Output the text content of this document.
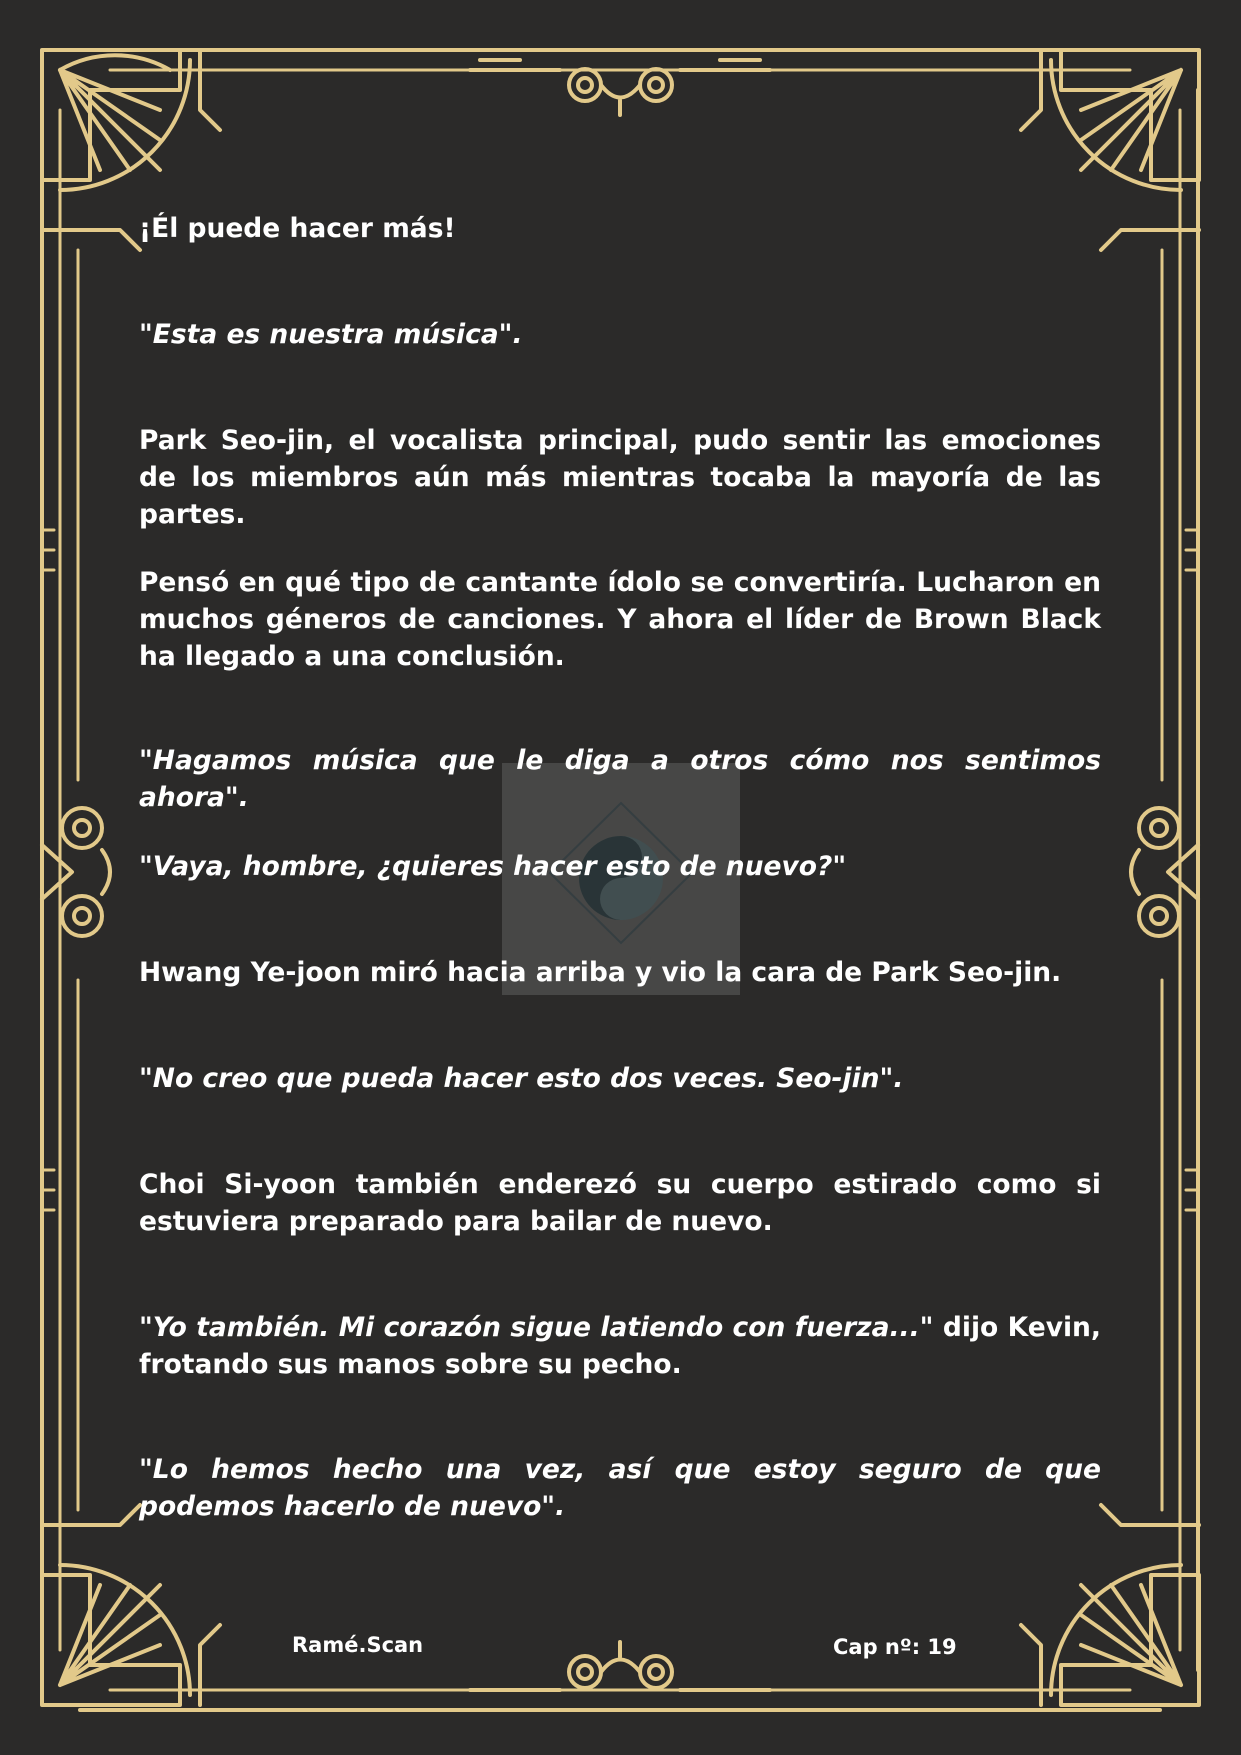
¡Él puede hacer más!

"Esta es nuestra música".

Park Seo-jin, el vocalista principal, pudo sentir las emociones de los miembros aún más mientras tocaba la mayoría de las partes.

Pensó en qué tipo de cantante ídolo se convertiría. Lucharon en muchos géneros de canciones. Y ahora el líder de Brown Black ha llegado a una conclusión.

"Hagamos música que le diga a otros cómo nos sentimos ahora".

"Vaya, hombre, ¿quieres hacer esto de nuevo?"

Hwang Ye-joon miró hacia arriba y vio la cara de Park Seo-jin.

"No creo que pueda hacer esto dos veces. Seo-jin".

Choi Si-yoon también enderezó su cuerpo estirado como si estuviera preparado para bailar de nuevo.

"Yo también. Mi corazón sigue latiendo con fuerza..." dijo Kevin, frotando sus manos sobre su pecho.

"Lo hemos hecho una vez, así que estoy seguro de que podemos hacerlo de nuevo".

Ramé.Scan	Cap nº: 19
